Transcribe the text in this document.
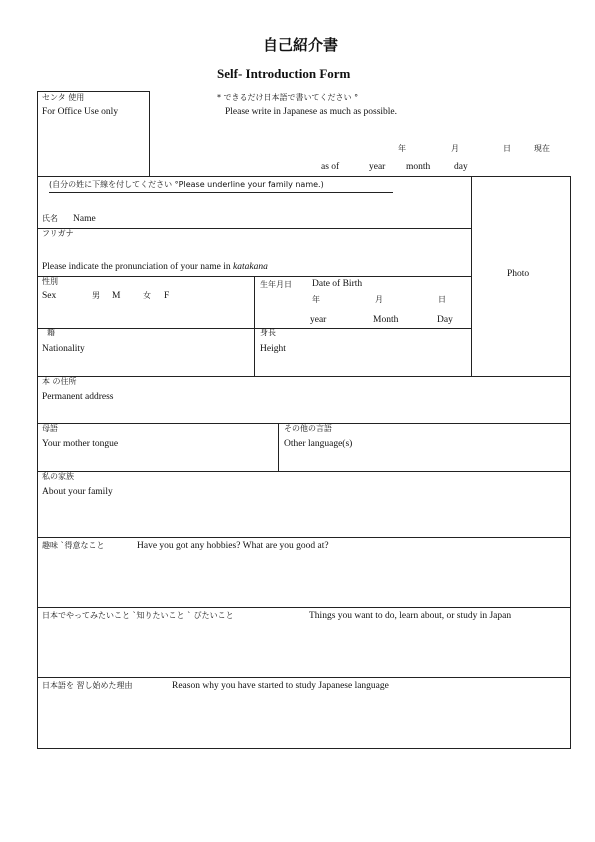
自己紹介書
Self- Introduction Form
センタ 使用
For Office Use only
* できるだけ日本語で書いてください °
Please write in Japanese as much as possible.
年	月	日	現在
as of	year month day
Photo
(自分の姓に下線を付してください °Please underline your family name.)
氏名 Name
フリガナ
Please indicate the pronunciation of your name in katakana
性別
Sex	男 M	女 F
生年月日 Date of Birth
年	月	日
year	Month	Day
籍
Nationality
身長
Height
本 の住所
Permanent address
母語
Your mother tongue
その他の言語
Other language(s)
私の家族
About your family
趣味 `得意なこと	Have you got any hobbies? What are you good at?
日本でやってみたいこと `知りたいこと ` びたいこと	Things you want to do, learn about, or study in Japan
日本語を 習し始めた理由	Reason why you have started to study Japanese language
